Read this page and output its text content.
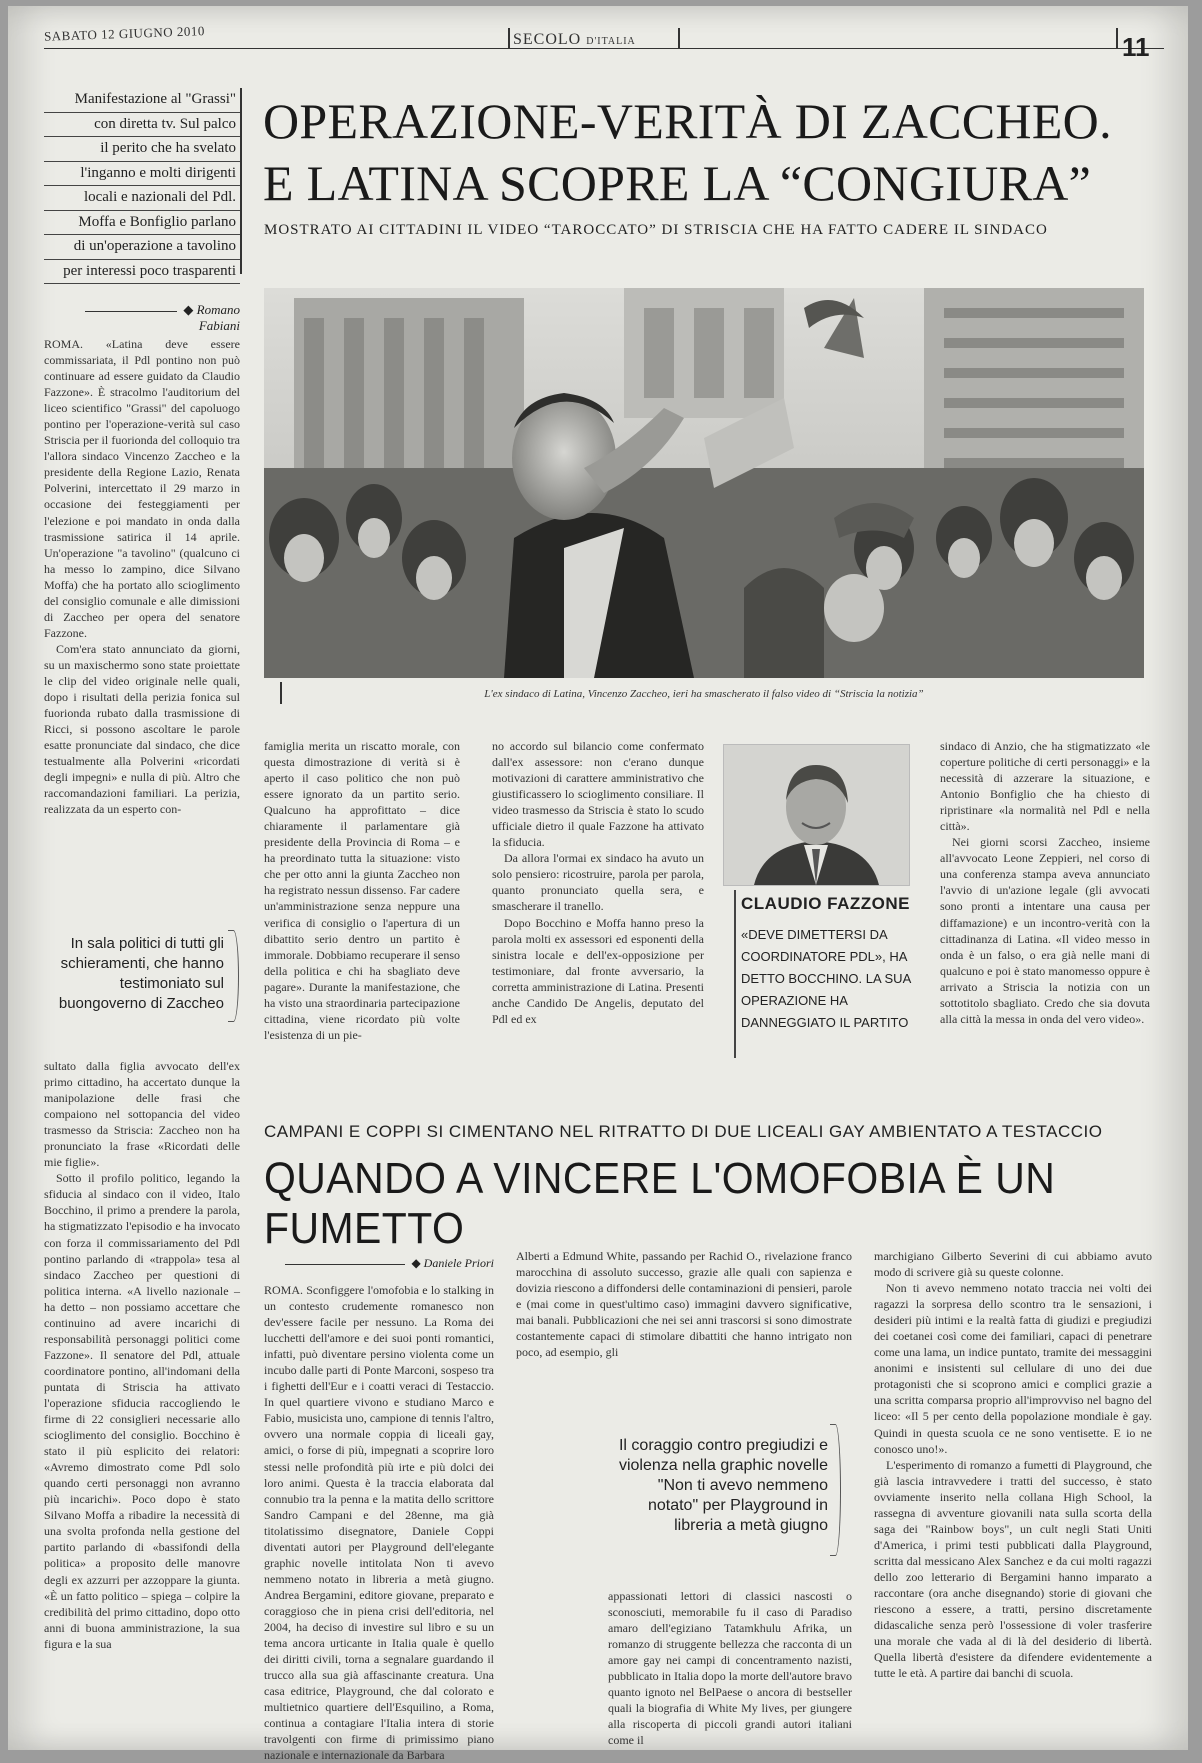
SABATO 12 GIUGNO 2010	SECOLO D'ITALIA	11
Manifestazione al "Grassi"
con diretta tv. Sul palco
il perito che ha svelato
l'inganno e molti dirigenti
locali e nazionali del Pdl.
Moffa e Bonfiglio parlano
di un'operazione a tavolino
per interessi poco trasparenti
OPERAZIONE-VERITÀ DI ZACCHEO.
E LATINA SCOPRE LA “CONGIURA”
MOSTRATO AI CITTADINI IL VIDEO “TAROCCATO” DI STRISCIA CHE HA FATTO CADERE IL SINDACO
◆ Romano Fabiani
L'ex sindaco di Latina, Vincenzo Zaccheo, ieri ha smascherato il falso video di “Striscia la notizia”

ROMA. «Latina deve essere commissariata, il Pdl pontino non può continuare ad essere guidato da Claudio Fazzone». È stracolmo l'auditorium del liceo scientifico "Grassi" del capoluogo pontino per l'operazione-verità sul caso Striscia per il fuorionda del colloquio tra l'allora sindaco Vincenzo Zaccheo e la presidente della Regione Lazio, Renata Polverini, intercettato il 29 marzo in occasione dei festeggiamenti per l'elezione e poi mandato in onda dalla trasmissione satirica il 14 aprile. Un'operazione "a tavolino" (qualcuno ci ha messo lo zampino, dice Silvano Moffa) che ha portato allo scioglimento del consiglio comunale e alle dimissioni di Zaccheo per opera del senatore Fazzone.

Com'era stato annunciato da giorni, su un maxischermo sono state proiettate le clip del video originale nelle quali, dopo i risultati della perizia fonica sul fuorionda rubato dalla trasmissione di Ricci, si possono ascoltare le parole esatte pronunciate dal sindaco, che dice testualmente alla Polverini «ricordati degli impegni» e nulla di più. Altro che raccomandazioni familiari. La perizia, realizzata da un esperto con-

In sala politici di tutti gli schieramenti, che hanno testimoniato sul buongoverno di Zaccheo

sultato dalla figlia avvocato dell'ex primo cittadino, ha accertato dunque la manipolazione delle frasi che compaiono nel sottopancia del video trasmesso da Striscia: Zaccheo non ha pronunciato la frase «Ricordati delle mie figlie».

Sotto il profilo politico, legando la sfiducia al sindaco con il video, Italo Bocchino, il primo a prendere la parola, ha stigmatizzato l'episodio e ha invocato con forza il commissariamento del Pdl pontino parlando di «trappola» tesa al sindaco Zaccheo per questioni di politica interna. «A livello nazionale – ha detto – non possiamo accettare che continuino ad avere incarichi di responsabilità personaggi politici come Fazzone». Il senatore del Pdl, attuale coordinatore pontino, all'indomani della puntata di Striscia ha attivato l'operazione sfiducia raccogliendo le firme di 22 consiglieri necessarie allo scioglimento del consiglio. Bocchino è stato il più esplicito dei relatori: «Avremo dimostrato come Pdl solo quando certi personaggi non avranno più incarichi». Poco dopo è stato Silvano Moffa a ribadire la necessità di una svolta profonda nella gestione del partito parlando di «bassifondi della politica» a proposito delle manovre degli ex azzurri per azzoppare la giunta. «È un fatto politico – spiega – colpire la credibilità del primo cittadino, dopo otto anni di buona amministrazione, la sua figura e la sua

famiglia merita un riscatto morale, con questa dimostrazione di verità si è aperto il caso politico che non può essere ignorato da un partito serio. Qualcuno ha approfittato – dice chiaramente il parlamentare già presidente della Provincia di Roma – e ha preordinato tutta la situazione: visto che per otto anni la giunta Zaccheo non ha registrato nessun dissenso. Far cadere un'amministrazione senza neppure una verifica di consiglio o l'apertura di un dibattito serio dentro un partito è immorale. Dobbiamo recuperare il senso della politica e chi ha sbagliato deve pagare». Durante la manifestazione, che ha visto una straordinaria partecipazione cittadina, viene ricordato più volte l'esistenza di un pie-

no accordo sul bilancio come confermato dall'ex assessore: non c'erano dunque motivazioni di carattere amministrativo che giustificassero lo scioglimento consiliare. Il video trasmesso da Striscia è stato lo scudo ufficiale dietro il quale Fazzone ha attivato la sfiducia.

Da allora l'ormai ex sindaco ha avuto un solo pensiero: ricostruire, parola per parola, quanto pronunciato quella sera, e smascherare il tranello.

Dopo Bocchino e Moffa hanno preso la parola molti ex assessori ed esponenti della sinistra locale e dell'ex-opposizione per testimoniare, dal fronte avversario, la corretta amministrazione di Latina. Presenti anche Candido De Angelis, deputato del Pdl ed ex

CLAUDIO FAZZONE
«DEVE DIMETTERSI DA COORDINATORE PDL», HA DETTO BOCCHINO. LA SUA OPERAZIONE HA DANNEGGIATO IL PARTITO

sindaco di Anzio, che ha stigmatizzato «le coperture politiche di certi personaggi» e la necessità di azzerare la situazione, e Antonio Bonfiglio che ha chiesto di ripristinare «la normalità nel Pdl e nella città».

Nei giorni scorsi Zaccheo, insieme all'avvocato Leone Zeppieri, nel corso di una conferenza stampa aveva annunciato l'avvio di un'azione legale (gli avvocati sono pronti a intentare una causa per diffamazione) e un incontro-verità con la cittadinanza di Latina. «Il video messo in onda è un falso, o era già nelle mani di qualcuno e poi è stato manomesso oppure è arrivato a Striscia la notizia con un sottotitolo sbagliato. Credo che sia dovuta alla città la messa in onda del vero video».

CAMPANI E COPPI SI CIMENTANO NEL RITRATTO DI DUE LICEALI GAY AMBIENTATO A TESTACCIO
QUANDO A VINCERE L'OMOFOBIA È UN FUMETTO
◆ Daniele Priori

ROMA. Sconfiggere l'omofobia e lo stalking in un contesto crudemente romanesco non dev'essere facile per nessuno. La Roma dei lucchetti dell'amore e dei suoi ponti romantici, infatti, può diventare persino violenta come un incubo dalle parti di Ponte Marconi, sospeso tra i fighetti dell'Eur e i coatti veraci di Testaccio. In quel quartiere vivono e studiano Marco e Fabio, musicista uno, campione di tennis l'altro, ovvero una normale coppia di liceali gay, amici, o forse di più, impegnati a scoprire loro stessi nelle profondità più irte e più dolci dei loro animi. Questa è la traccia elaborata dal connubio tra la penna e la matita dello scrittore Sandro Campani e del 28enne, ma già titolatissimo disegnatore, Daniele Coppi diventati autori per Playground dell'elegante graphic novelle intitolata Non ti avevo nemmeno notato in libreria a metà giugno. Andrea Bergamini, editore giovane, preparato e coraggioso che in piena crisi dell'editoria, nel 2004, ha deciso di investire sul libro e su un tema ancora urticante in Italia quale è quello dei diritti civili, torna a segnalare guardando il trucco alla sua già affascinante creatura. Una casa editrice, Playground, che dal colorato e multietnico quartiere dell'Esquilino, a Roma, continua a contagiare l'Italia intera di storie travolgenti con firme di primissimo piano nazionale e internazionale da Barbara

Alberti a Edmund White, passando per Rachid O., rivelazione franco marocchina di assoluto successo, grazie alle quali con sapienza e dovizia riescono a diffondersi delle contaminazioni di pensieri, parole e (mai come in quest'ultimo caso) immagini davvero significative, mai banali. Pubblicazioni che nei sei anni trascorsi si sono dimostrate costantemente capaci di stimolare dibattiti che hanno intrigato non poco, ad esempio, gli

Il coraggio contro pregiudizi e violenza nella graphic novelle "Non ti avevo nemmeno notato" per Playground in libreria a metà giugno

appassionati lettori di classici nascosti o sconosciuti, memorabile fu il caso di Paradiso amaro dell'egiziano Tatamkhulu Afrika, un romanzo di struggente bellezza che racconta di un amore gay nei campi di concentramento nazisti, pubblicato in Italia dopo la morte dell'autore bravo quanto ignoto nel BelPaese o ancora di bestseller quali la biografia di White My lives, per giungere alla riscoperta di piccoli grandi autori italiani come il

marchigiano Gilberto Severini di cui abbiamo avuto modo di scrivere già su queste colonne.

Non ti avevo nemmeno notato traccia nei volti dei ragazzi la sorpresa dello scontro tra le sensazioni, i desideri più intimi e la realtà fatta di giudizi e pregiudizi dei coetanei così come dei familiari, capaci di penetrare come una lama, un indice puntato, tramite dei messaggini anonimi e insistenti sul cellulare di uno dei due protagonisti che si scoprono amici e complici grazie a una scritta comparsa proprio all'improvviso nel bagno del liceo: «Il 5 per cento della popolazione mondiale è gay. Quindi in questa scuola ce ne sono ventisette. E io ne conosco uno!».

L'esperimento di romanzo a fumetti di Playground, che già lascia intravvedere i tratti del successo, è stato ovviamente inserito nella collana High School, la rassegna di avventure giovanili nata sulla scorta della saga dei "Rainbow boys", un cult negli Stati Uniti d'America, i primi testi pubblicati dalla Playground, scritta dal messicano Alex Sanchez e da cui molti ragazzi dello zoo letterario di Bergamini hanno imparato a raccontare (ora anche disegnando) storie di giovani che riescono a essere, a tratti, persino discretamente didascaliche senza però l'ossessione di voler trasferire una morale che vada al di là del desiderio di libertà. Quella libertà d'esistere da difendere evidentemente a tutte le età. A partire dai banchi di scuola.
